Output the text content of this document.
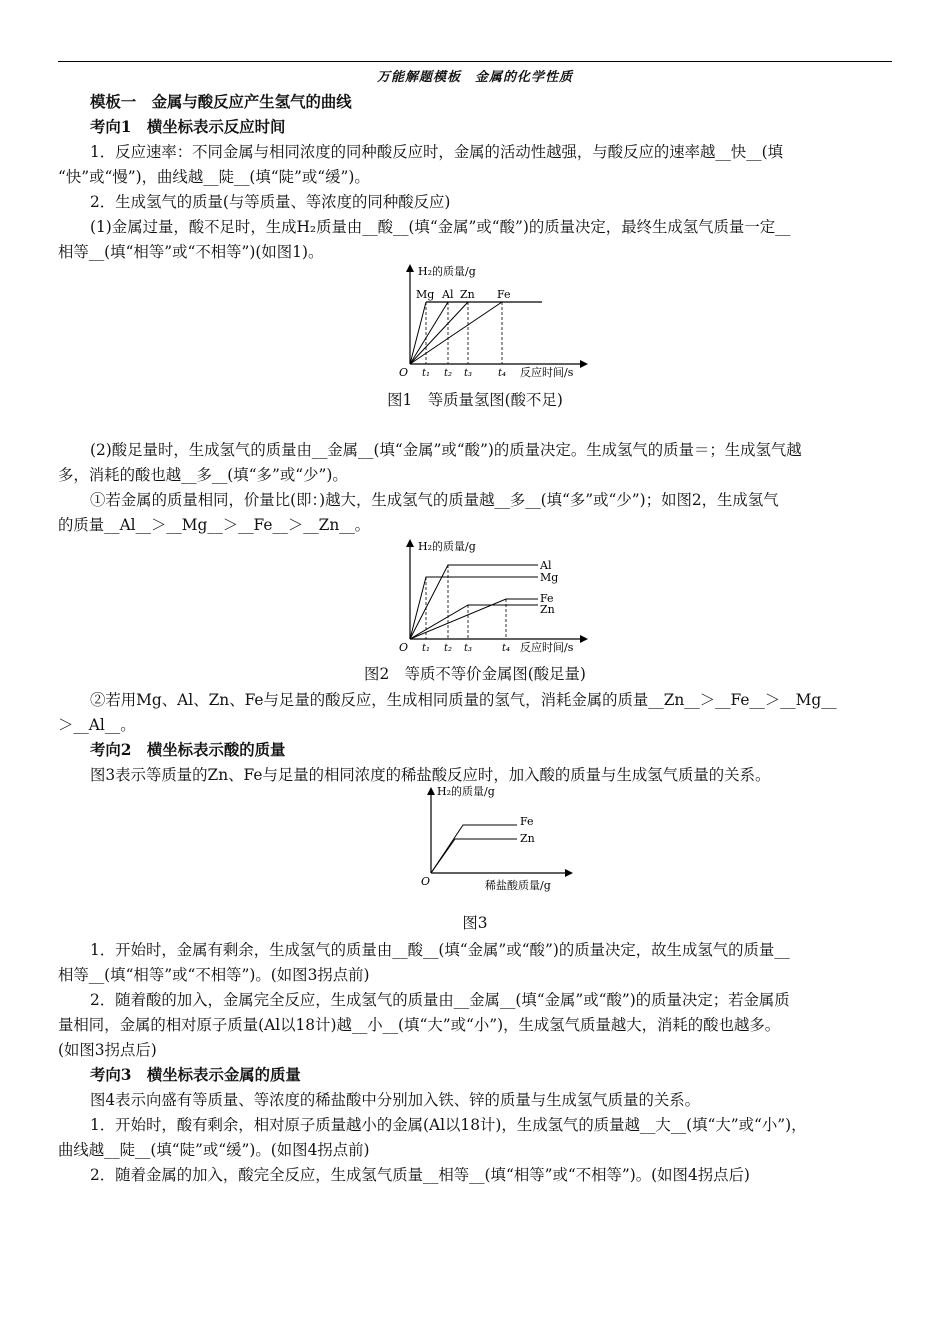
万能解题模板　金属的化学性质
模板一　金属与酸反应产生氢气的曲线
考向1　横坐标表示反应时间
1．反应速率：不同金属与相同浓度的同种酸反应时，金属的活动性越强，与酸反应的速率越__快__(填
“快”或“慢”)，曲线越__陡__(填“陡”或“缓”)。
2．生成氢气的质量(与等质量、等浓度的同种酸反应)
(1)金属过量，酸不足时，生成H₂质量由__酸__(填“金属”或“酸”)的质量决定，最终生成氢气质量一定__
相等__(填“相等”或“不相等”)(如图1)。
H₂的质量/g
Mg Al Zn Fe
O t₁ t₂ t₃	t₄ 反应时间/s
图1　等质量氢图(酸不足)
(2)酸足量时，生成氢气的质量由__金属__(填“金属”或“酸”)的质量决定。生成氢气的质量＝；生成氢气越
多，消耗的酸也越__多__(填“多”或“少”)。
①若金属的质量相同，价量比(即：)越大，生成氢气的质量越__多__(填“多”或“少”)；如图2，生成氢气
的质量__Al__＞__Mg__＞__Fe__＞__Zn__。
H₂的质量/g
Al
Mg
Fe
Zn
O t₁ t₂ t₃	t₄ 反应时间/s
图2　等质不等价金属图(酸足量)
②若用Mg、Al、Zn、Fe与足量的酸反应，生成相同质量的氢气，消耗金属的质量__Zn__＞__Fe__＞__Mg__
＞__Al__。
考向2　横坐标表示酸的质量
图3表示等质量的Zn、Fe与足量的相同浓度的稀盐酸反应时，加入酸的质量与生成氢气质量的关系。
H₂的质量/g
Fe
Zn
O	稀盐酸质量/g
图3
1．开始时，金属有剩余，生成氢气的质量由__酸__(填“金属”或“酸”)的质量决定，故生成氢气的质量__
相等__(填“相等”或“不相等”)。(如图3拐点前)
2．随着酸的加入，金属完全反应，生成氢气的质量由__金属__(填“金属”或“酸”)的质量决定；若金属质
量相同，金属的相对原子质量(Al以18计)越__小__(填“大”或“小”)，生成氢气质量越大，消耗的酸也越多。
(如图3拐点后)
考向3　横坐标表示金属的质量
图4表示向盛有等质量、等浓度的稀盐酸中分别加入铁、锌的质量与生成氢气质量的关系。
1．开始时，酸有剩余，相对原子质量越小的金属(Al以18计)，生成氢气的质量越__大__(填“大”或“小”)，
曲线越__陡__(填“陡”或“缓”)。(如图4拐点前)
2．随着金属的加入，酸完全反应，生成氢气质量__相等__(填“相等”或“不相等”)。(如图4拐点后)
